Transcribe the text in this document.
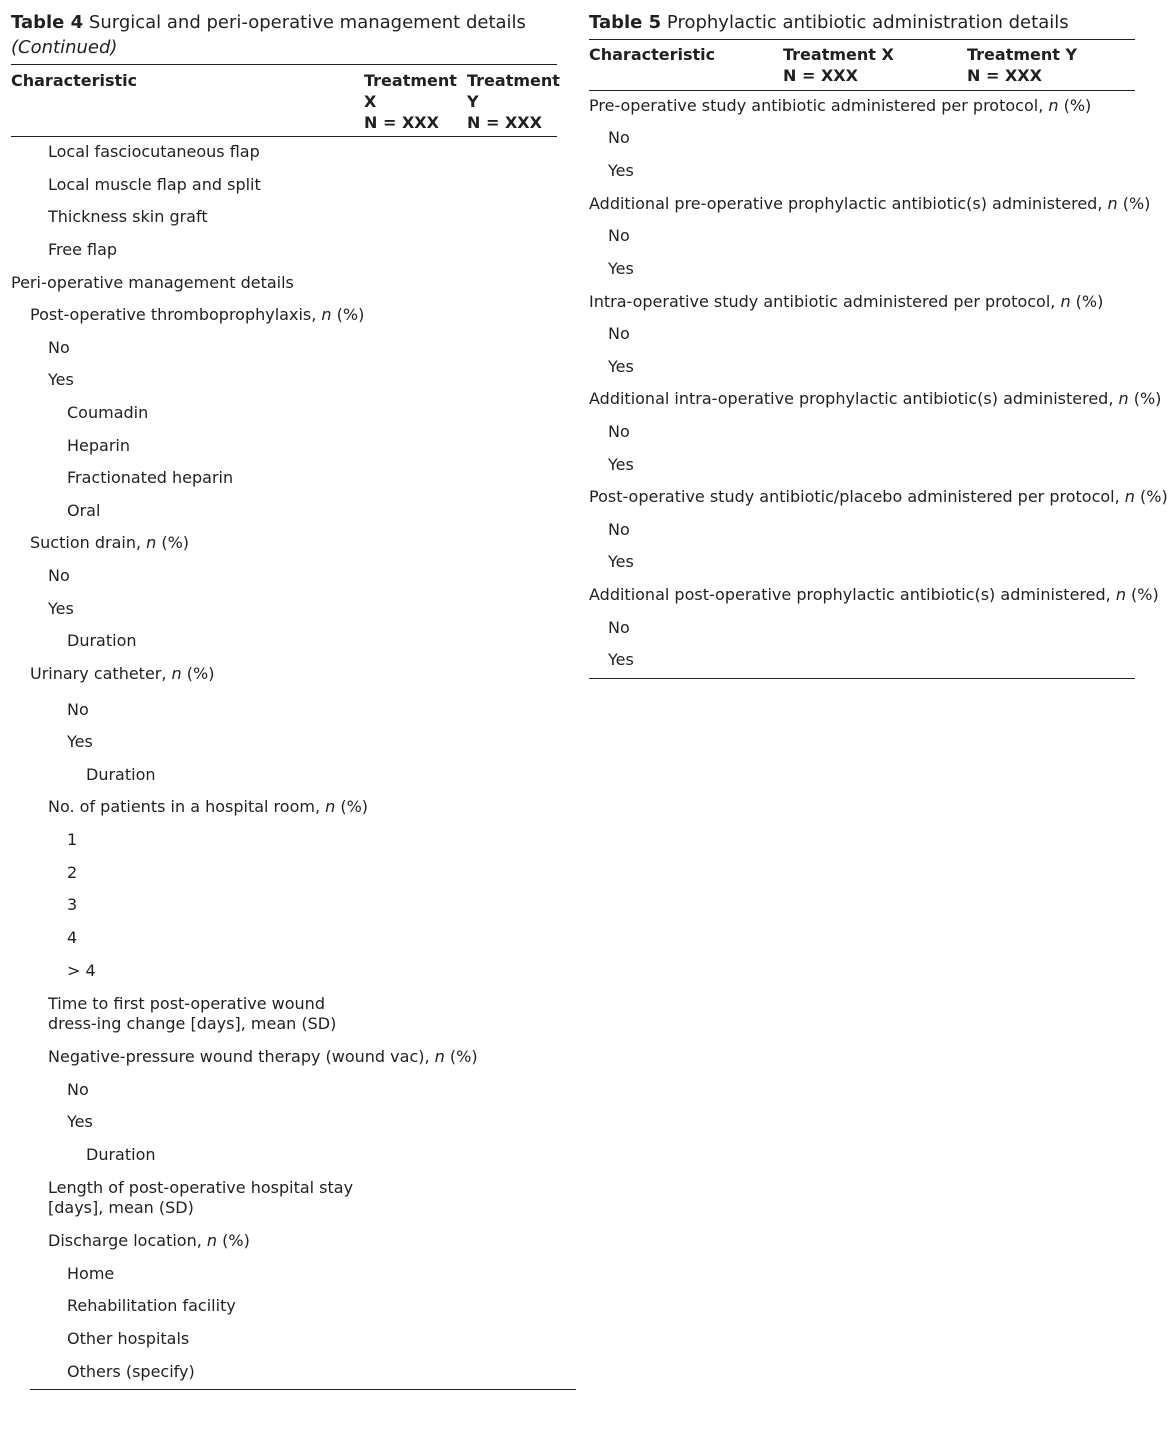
Table 4 Surgical and peri-operative management details
(Continued)
Characteristic	Treatment X
N = XXX
Treatment Y
N = XXX
Local fasciocutaneous flap
Local muscle flap and split
Thickness skin graft
Free flap
Peri-operative management details
Post-operative thromboprophylaxis, n (%)
No
Yes
Coumadin
Heparin
Fractionated heparin
Oral
Suction drain, n (%)
No
Yes
Duration
Urinary catheter, n (%)
No
Yes
Duration
No. of patients in a hospital room, n (%)
1
2
3
4
> 4
Time to first post-operative wound dress-ing change [days], mean (SD)
Negative-pressure wound therapy (wound vac), n (%)
No
Yes
Duration
Length of post-operative hospital stay [days], mean (SD)
Discharge location, n (%)
Home
Rehabilitation facility
Other hospitals
Others (specify)
Table 5 Prophylactic antibiotic administration details
Characteristic	Treatment X
N = XXX
Treatment Y
N = XXX
Pre-operative study antibiotic administered per protocol, n (%)
No
Yes
Additional pre-operative prophylactic antibiotic(s) administered, n (%)
No
Yes
Intra-operative study antibiotic administered per protocol, n (%)
No
Yes
Additional intra-operative prophylactic antibiotic(s) administered, n (%)
No
Yes
Post-operative study antibiotic/placebo administered per protocol, n (%)
No
Yes
Additional post-operative prophylactic antibiotic(s) administered, n (%)
No
Yes
